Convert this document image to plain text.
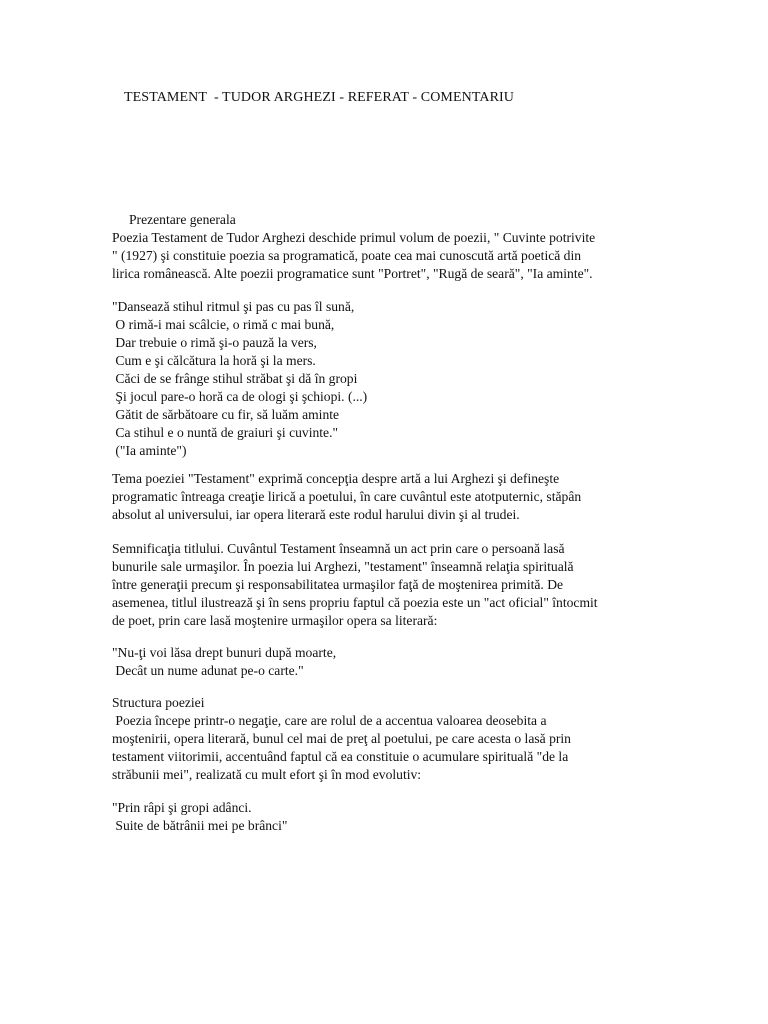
TESTAMENT  - TUDOR ARGHEZI - REFERAT - COMENTARIU
Prezentare generala
Poezia Testament de Tudor Arghezi deschide primul volum de poezii, " Cuvinte potrivite
" (1927) şi constituie poezia sa programatică, poate cea mai cunoscută artă poetică din
lirica românească. Alte poezii programatice sunt "Portret", "Rugă de seară", "Ia aminte".
"Dansează stihul ritmul şi pas cu pas îl sună,
O rimă-i mai scâlcie, o rimă c mai bună,
Dar trebuie o rimă şi-o pauză la vers,
Cum e şi călcătura la horă şi la mers.
Căci de se frânge stihul străbat şi dă în gropi
Şi jocul pare-o horă ca de ologi şi şchiopi. (...)
Gătit de sărbătoare cu fir, să luăm aminte
Ca stihul e o nuntă de graiuri şi cuvinte."
("Ia aminte")
Tema poeziei "Testament" exprimă concepţia despre artă a lui Arghezi şi defineşte
programatic întreaga creaţie lirică a poetului, în care cuvântul este atotputernic, stăpân
absolut al universului, iar opera literară este rodul harului divin şi al trudei.
Semnificaţia titlului. Cuvântul Testament înseamnă un act prin care o persoană lasă
bunurile sale urmaşilor. În poezia lui Arghezi, "testament" înseamnă relaţia spirituală
între generaţii precum şi responsabilitatea urmaşilor faţă de moştenirea primită. De
asemenea, titlul ilustrează şi în sens propriu faptul că poezia este un "act oficial" întocmit
de poet, prin care lasă moştenire urmaşilor opera sa literară:
"Nu-ţi voi lăsa drept bunuri după moarte,
Decât un nume adunat pe-o carte."
Structura poeziei
Poezia începe printr-o negaţie, care are rolul de a accentua valoarea deosebita a
moştenirii, opera literară, bunul cel mai de preţ al poetului, pe care acesta o lasă prin
testament viitorimii, accentuând faptul că ea constituie o acumulare spirituală "de la
străbunii mei", realizată cu mult efort şi în mod evolutiv:
"Prin râpi şi gropi adânci.
Suite de bătrânii mei pe brânci"
